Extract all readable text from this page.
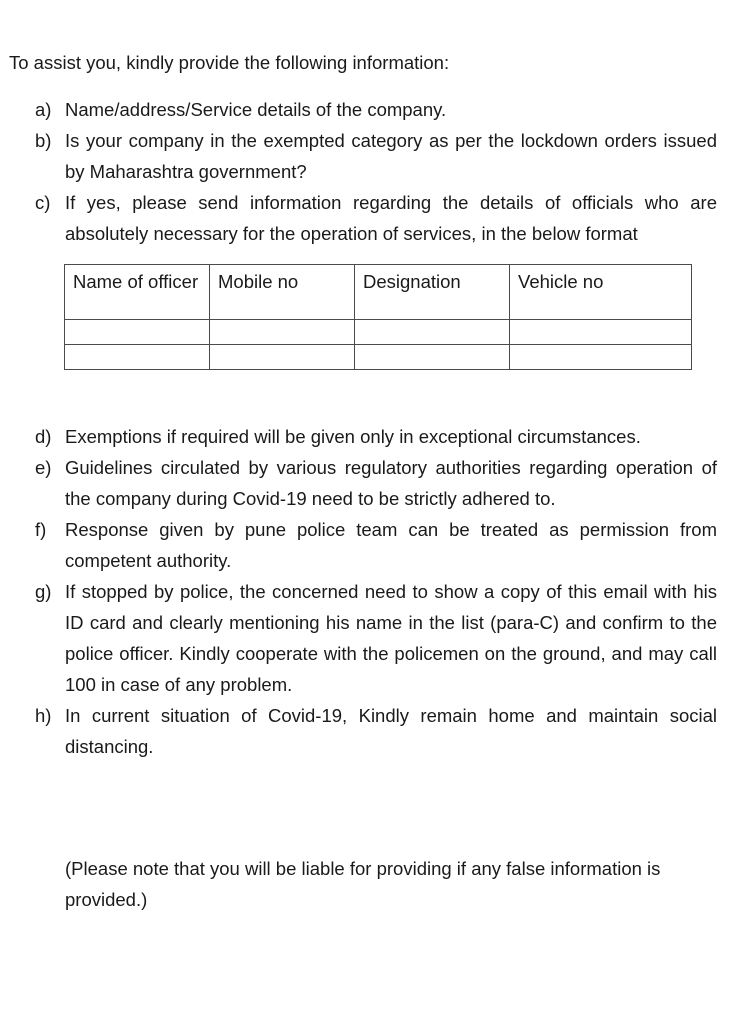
To assist you, kindly provide the following information:
a) Name/address/Service details of the company.
b) Is your company in the exempted category as per the lockdown orders issued by Maharashtra government?
c) If yes, please send information regarding the details of officials who are absolutely necessary for the operation of services, in the below format
Name of officer	Mobile no	Designation	Vehicle no

d) Exemptions if required will be given only in exceptional circumstances.
e) Guidelines circulated by various regulatory authorities regarding operation of the company during Covid-19 need to be strictly adhered to.
f)	Response given by pune police team can be treated as permission from competent authority.
g) If stopped by police, the concerned need to show a copy of this email with his ID card and clearly mentioning his name in the list (para-C) and confirm to the police officer. Kindly cooperate with the policemen on the ground, and may call 100 in case of any problem.
h) In current situation of Covid-19, Kindly remain home and maintain social distancing.
(Please note that you will be liable for providing if any false information is provided.)
